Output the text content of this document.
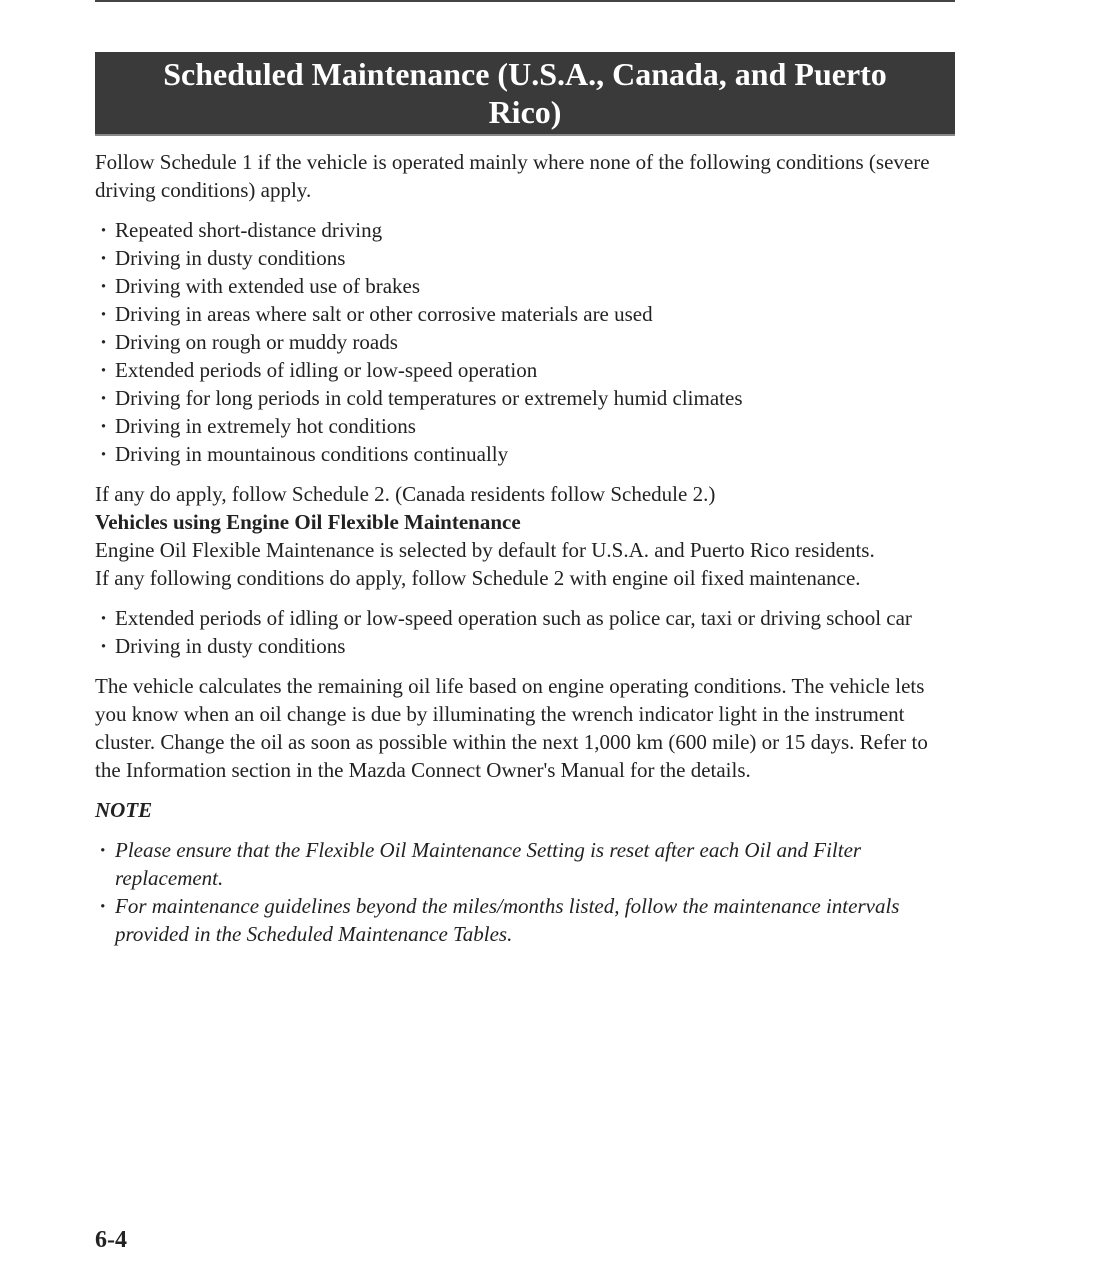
Scheduled Maintenance (U.S.A., Canada, and Puerto Rico)

Follow Schedule 1 if the vehicle is operated mainly where none of the following conditions (severe driving conditions) apply.

· Repeated short-distance driving
· Driving in dusty conditions
· Driving with extended use of brakes
· Driving in areas where salt or other corrosive materials are used
· Driving on rough or muddy roads
· Extended periods of idling or low-speed operation
· Driving for long periods in cold temperatures or extremely humid climates
· Driving in extremely hot conditions
· Driving in mountainous conditions continually

If any do apply, follow Schedule 2. (Canada residents follow Schedule 2.)

Vehicles using Engine Oil Flexible Maintenance

Engine Oil Flexible Maintenance is selected by default for U.S.A. and Puerto Rico residents.

If any following conditions do apply, follow Schedule 2 with engine oil fixed maintenance.

· Extended periods of idling or low-speed operation such as police car, taxi or driving school car
· Driving in dusty conditions

The vehicle calculates the remaining oil life based on engine operating conditions. The vehicle lets you know when an oil change is due by illuminating the wrench indicator light in the instrument cluster. Change the oil as soon as possible within the next 1,000 km (600 mile) or 15 days. Refer to the Information section in the Mazda Connect Owner's Manual for the details.

NOTE

· Please ensure that the Flexible Oil Maintenance Setting is reset after each Oil and Filter replacement.
· For maintenance guidelines beyond the miles/months listed, follow the maintenance intervals provided in the Scheduled Maintenance Tables.
6-4
